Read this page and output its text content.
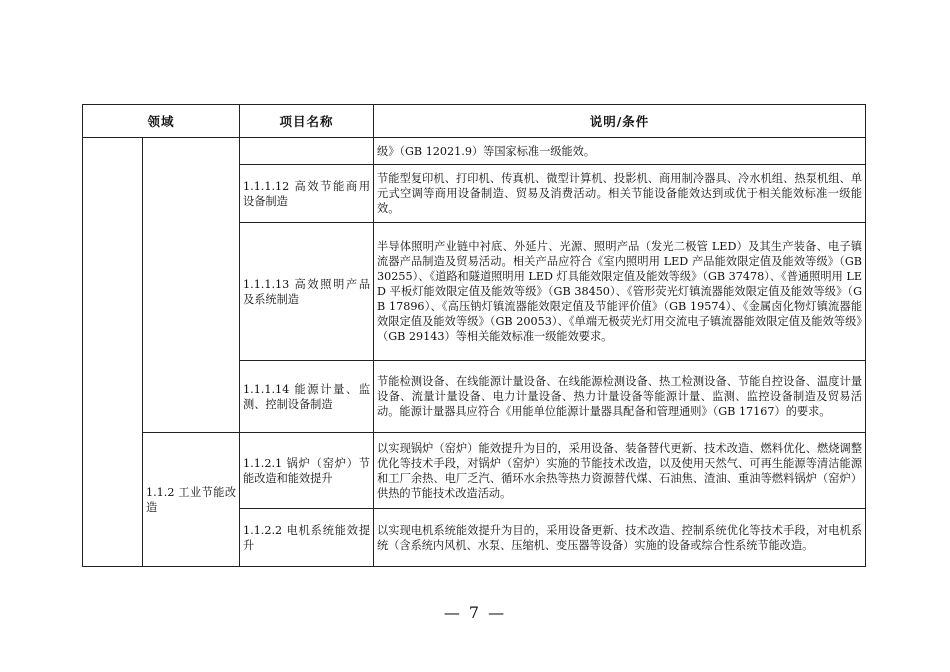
领域		项目名称	说明/条件
			级》（GB 12021.9）等国家标准一级能效。
		1.1.1.12 高效节能商用设备制造	节能型复印机、打印机、传真机、微型计算机、投影机、商用制冷器具、冷水机组、热泵机组、单元式空调等商用设备制造、贸易及消费活动。相关节能设备能效达到或优于相关能效标准一级能效。
		1.1.1.13 高效照明产品及系统制造	半导体照明产业链中衬底、外延片、光源、照明产品（发光二极管 LED）及其生产装备、电子镇流器产品制造及贸易活动。相关产品应符合《室内照明用 LED 产品能效限定值及能效等级》（GB 30255）、《道路和隧道照明用 LED 灯具能效限定值及能效等级》（GB 37478）、《普通照明用 LED 平板灯能效限定值及能效等级》（GB 38450）、《管形荧光灯镇流器能效限定值及能效等级》（GB 17896）、《高压钠灯镇流器能效限定值及节能评价值》（GB 19574）、《金属卤化物灯镇流器能效限定值及能效等级》（GB 20053）、《单端无极荧光灯用交流电子镇流器能效限定值及能效等级》（GB 29143）等相关能效标准一级能效要求。
		1.1.1.14 能源计量、监测、控制设备制造	节能检测设备、在线能源计量设备、在线能源检测设备、热工检测设备、节能自控设备、温度计量设备、流量计量设备、电力计量设备、热力计量设备等能源计量、监测、监控设备制造及贸易活动。能源计量器具应符合《用能单位能源计量器具配备和管理通则》（GB 17167）的要求。
	1.1.2 工业节能改造	1.1.2.1 锅炉（窑炉）节能改造和能效提升	以实现锅炉（窑炉）能效提升为目的，采用设备、装备替代更新、技术改造、燃料优化、燃烧调整优化等技术手段，对锅炉（窑炉）实施的节能技术改造，以及使用天然气、可再生能源等清洁能源和工厂余热、电厂乏汽、循环水余热等热力资源替代煤、石油焦、渣油、重油等燃料锅炉（窑炉）供热的节能技术改造活动。
		1.1.2.2 电机系统能效提升	以实现电机系统能效提升为目的，采用设备更新、技术改造、控制系统优化等技术手段，对电机系统（含系统内风机、水泵、压缩机、变压器等设备）实施的设备或综合性系统节能改造。
— 7 —
